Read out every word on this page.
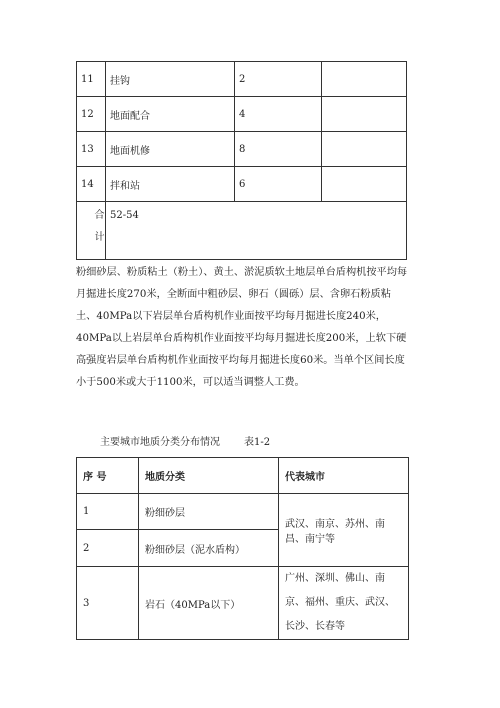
11	挂钩	2	
12	地面配合	4	
13	地面机修	8	
14	拌和站	6	
合计	52-54		

粉细砂层、粉质粘土（粉土）、黄土、淤泥质软土地层单台盾构机按平均每月掘进长度270米，全断面中粗砂层、卵石（圆砾）层、含卵石粉质粘土、40MPa以下岩层单台盾构机作业面按平均每月掘进长度240米，40MPa以上岩层单台盾构机作业面按平均每月掘进长度200米，上软下硬高强度岩层单台盾构机作业面按平均每月掘进长度60米。当单个区间长度小于500米或大于1100米，可以适当调整人工费。

主要城市地质分类分布情况 表1-2

序 号	地质分类	代表城市
1	粉细砂层	武汉、南京、苏州、南昌、南宁等
2	粉细砂层（泥水盾构）	
3	岩石（40MPa以下）	广州、深圳、佛山、南京、福州、重庆、武汉、长沙、长春等
